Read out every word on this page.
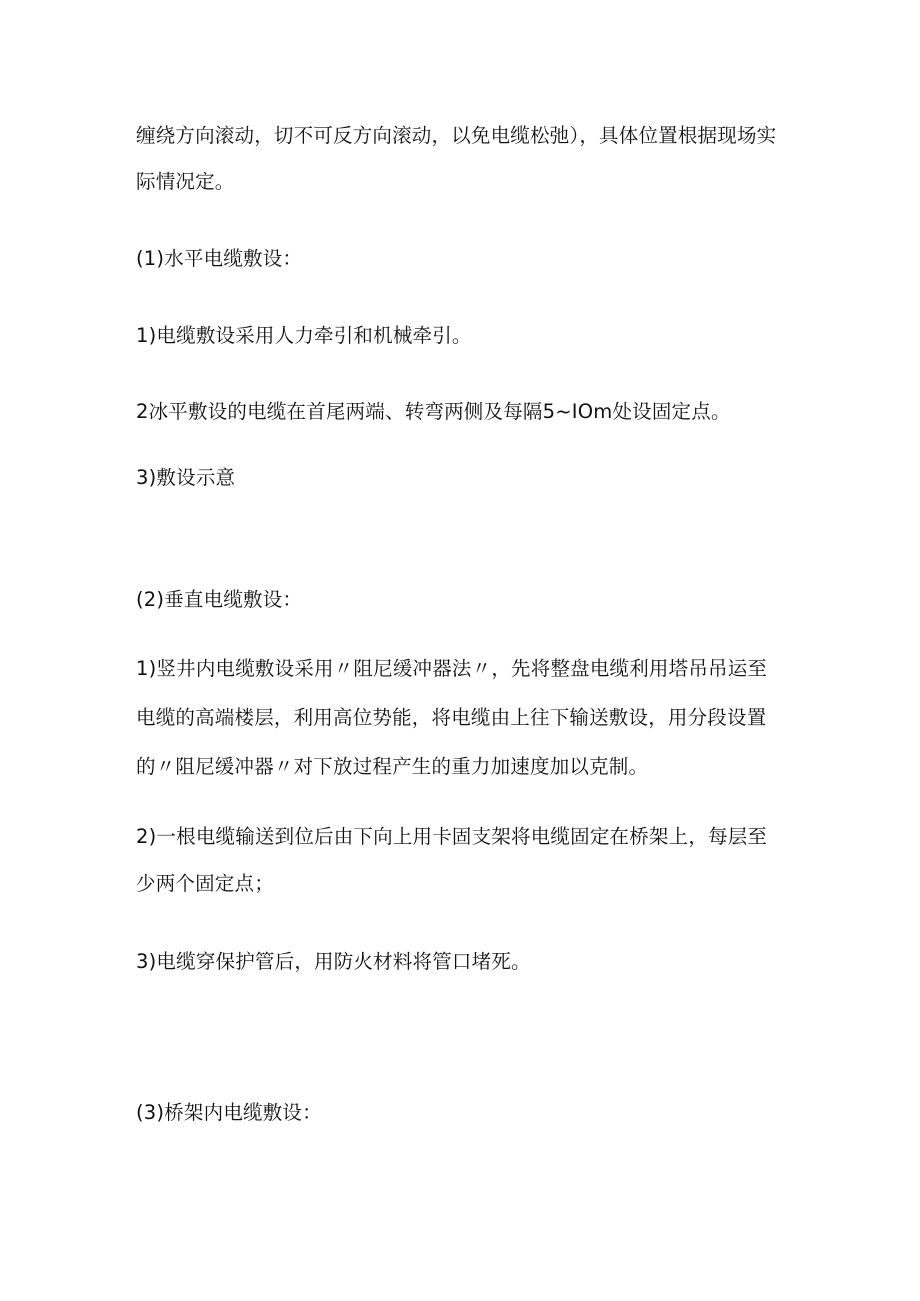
缠绕方向滚动，切不可反方向滚动，以免电缆松弛），具体位置根据现场实
际情况定。
(1)水平电缆敷设：
1)电缆敷设采用人力牵引和机械牵引。
2冰平敷设的电缆在首尾两端、转弯两侧及每隔5~IOm处设固定点。
3)敷设示意
(2)垂直电缆敷设：
1)竖井内电缆敷设采用〃阻尼缓冲器法〃，先将整盘电缆利用塔吊吊运至
电缆的高端楼层，利用高位势能，将电缆由上往下输送敷设，用分段设置
的〃阻尼缓冲器〃对下放过程产生的重力加速度加以克制。
2)一根电缆输送到位后由下向上用卡固支架将电缆固定在桥架上，每层至
少两个固定点；
3)电缆穿保护管后，用防火材料将管口堵死。
(3)桥架内电缆敷设：
